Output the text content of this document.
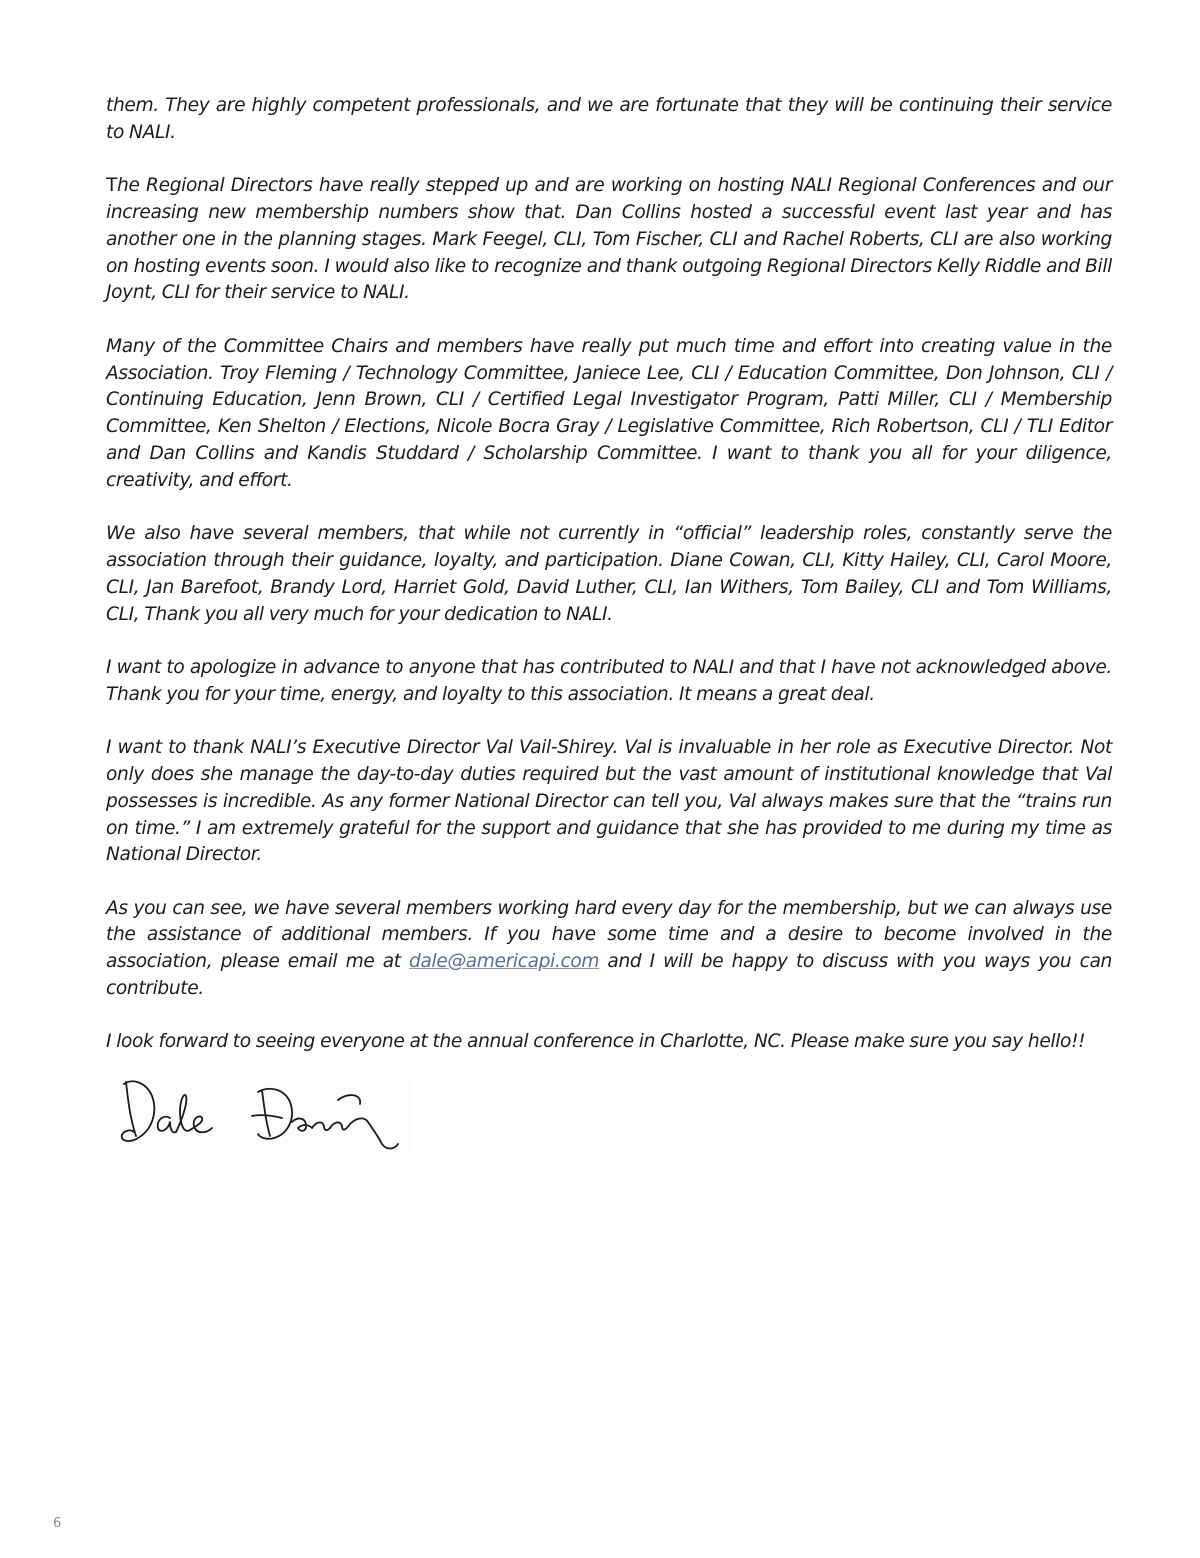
them. They are highly competent professionals, and we are fortunate that they will be continuing their service to NALI.

The Regional Directors have really stepped up and are working on hosting NALI Regional Conferences and our increasing new membership numbers show that. Dan Collins hosted a successful event last year and has another one in the planning stages. Mark Feegel, CLI, Tom Fischer, CLI and Rachel Roberts, CLI are also working on hosting events soon. I would also like to recognize and thank outgoing Regional Directors Kelly Riddle and Bill Joynt, CLI for their service to NALI.

Many of the Committee Chairs and members have really put much time and effort into creating value in the Association. Troy Fleming / Technology Committee, Janiece Lee, CLI / Education Committee, Don Johnson, CLI / Continuing Education, Jenn Brown, CLI / Certified Legal Investigator Program, Patti Miller, CLI / Membership Committee, Ken Shelton / Elections, Nicole Bocra Gray / Legislative Committee, Rich Robertson, CLI / TLI Editor and Dan Collins and Kandis Studdard / Scholarship Committee. I want to thank you all for your diligence, creativity, and effort.

We also have several members, that while not currently in “official” leadership roles, constantly serve the association through their guidance, loyalty, and participation. Diane Cowan, CLI, Kitty Hailey, CLI, Carol Moore, CLI, Jan Barefoot, Brandy Lord, Harriet Gold, David Luther, CLI, Ian Withers, Tom Bailey, CLI and Tom Williams, CLI, Thank you all very much for your dedication to NALI.

I want to apologize in advance to anyone that has contributed to NALI and that I have not acknowledged above. Thank you for your time, energy, and loyalty to this association. It means a great deal.

I want to thank NALI’s Executive Director Val Vail-Shirey. Val is invaluable in her role as Executive Director. Not only does she manage the day-to-day duties required but the vast amount of institutional knowledge that Val possesses is incredible. As any former National Director can tell you, Val always makes sure that the “trains run on time.” I am extremely grateful for the support and guidance that she has provided to me during my time as National Director.

As you can see, we have several members working hard every day for the membership, but we can always use the assistance of additional members. If you have some time and a desire to become involved in the association, please email me at dale@americapi.com and I will be happy to discuss with you ways you can contribute.

I look forward to seeing everyone at the annual conference in Charlotte, NC. Please make sure you say hello!!

6
